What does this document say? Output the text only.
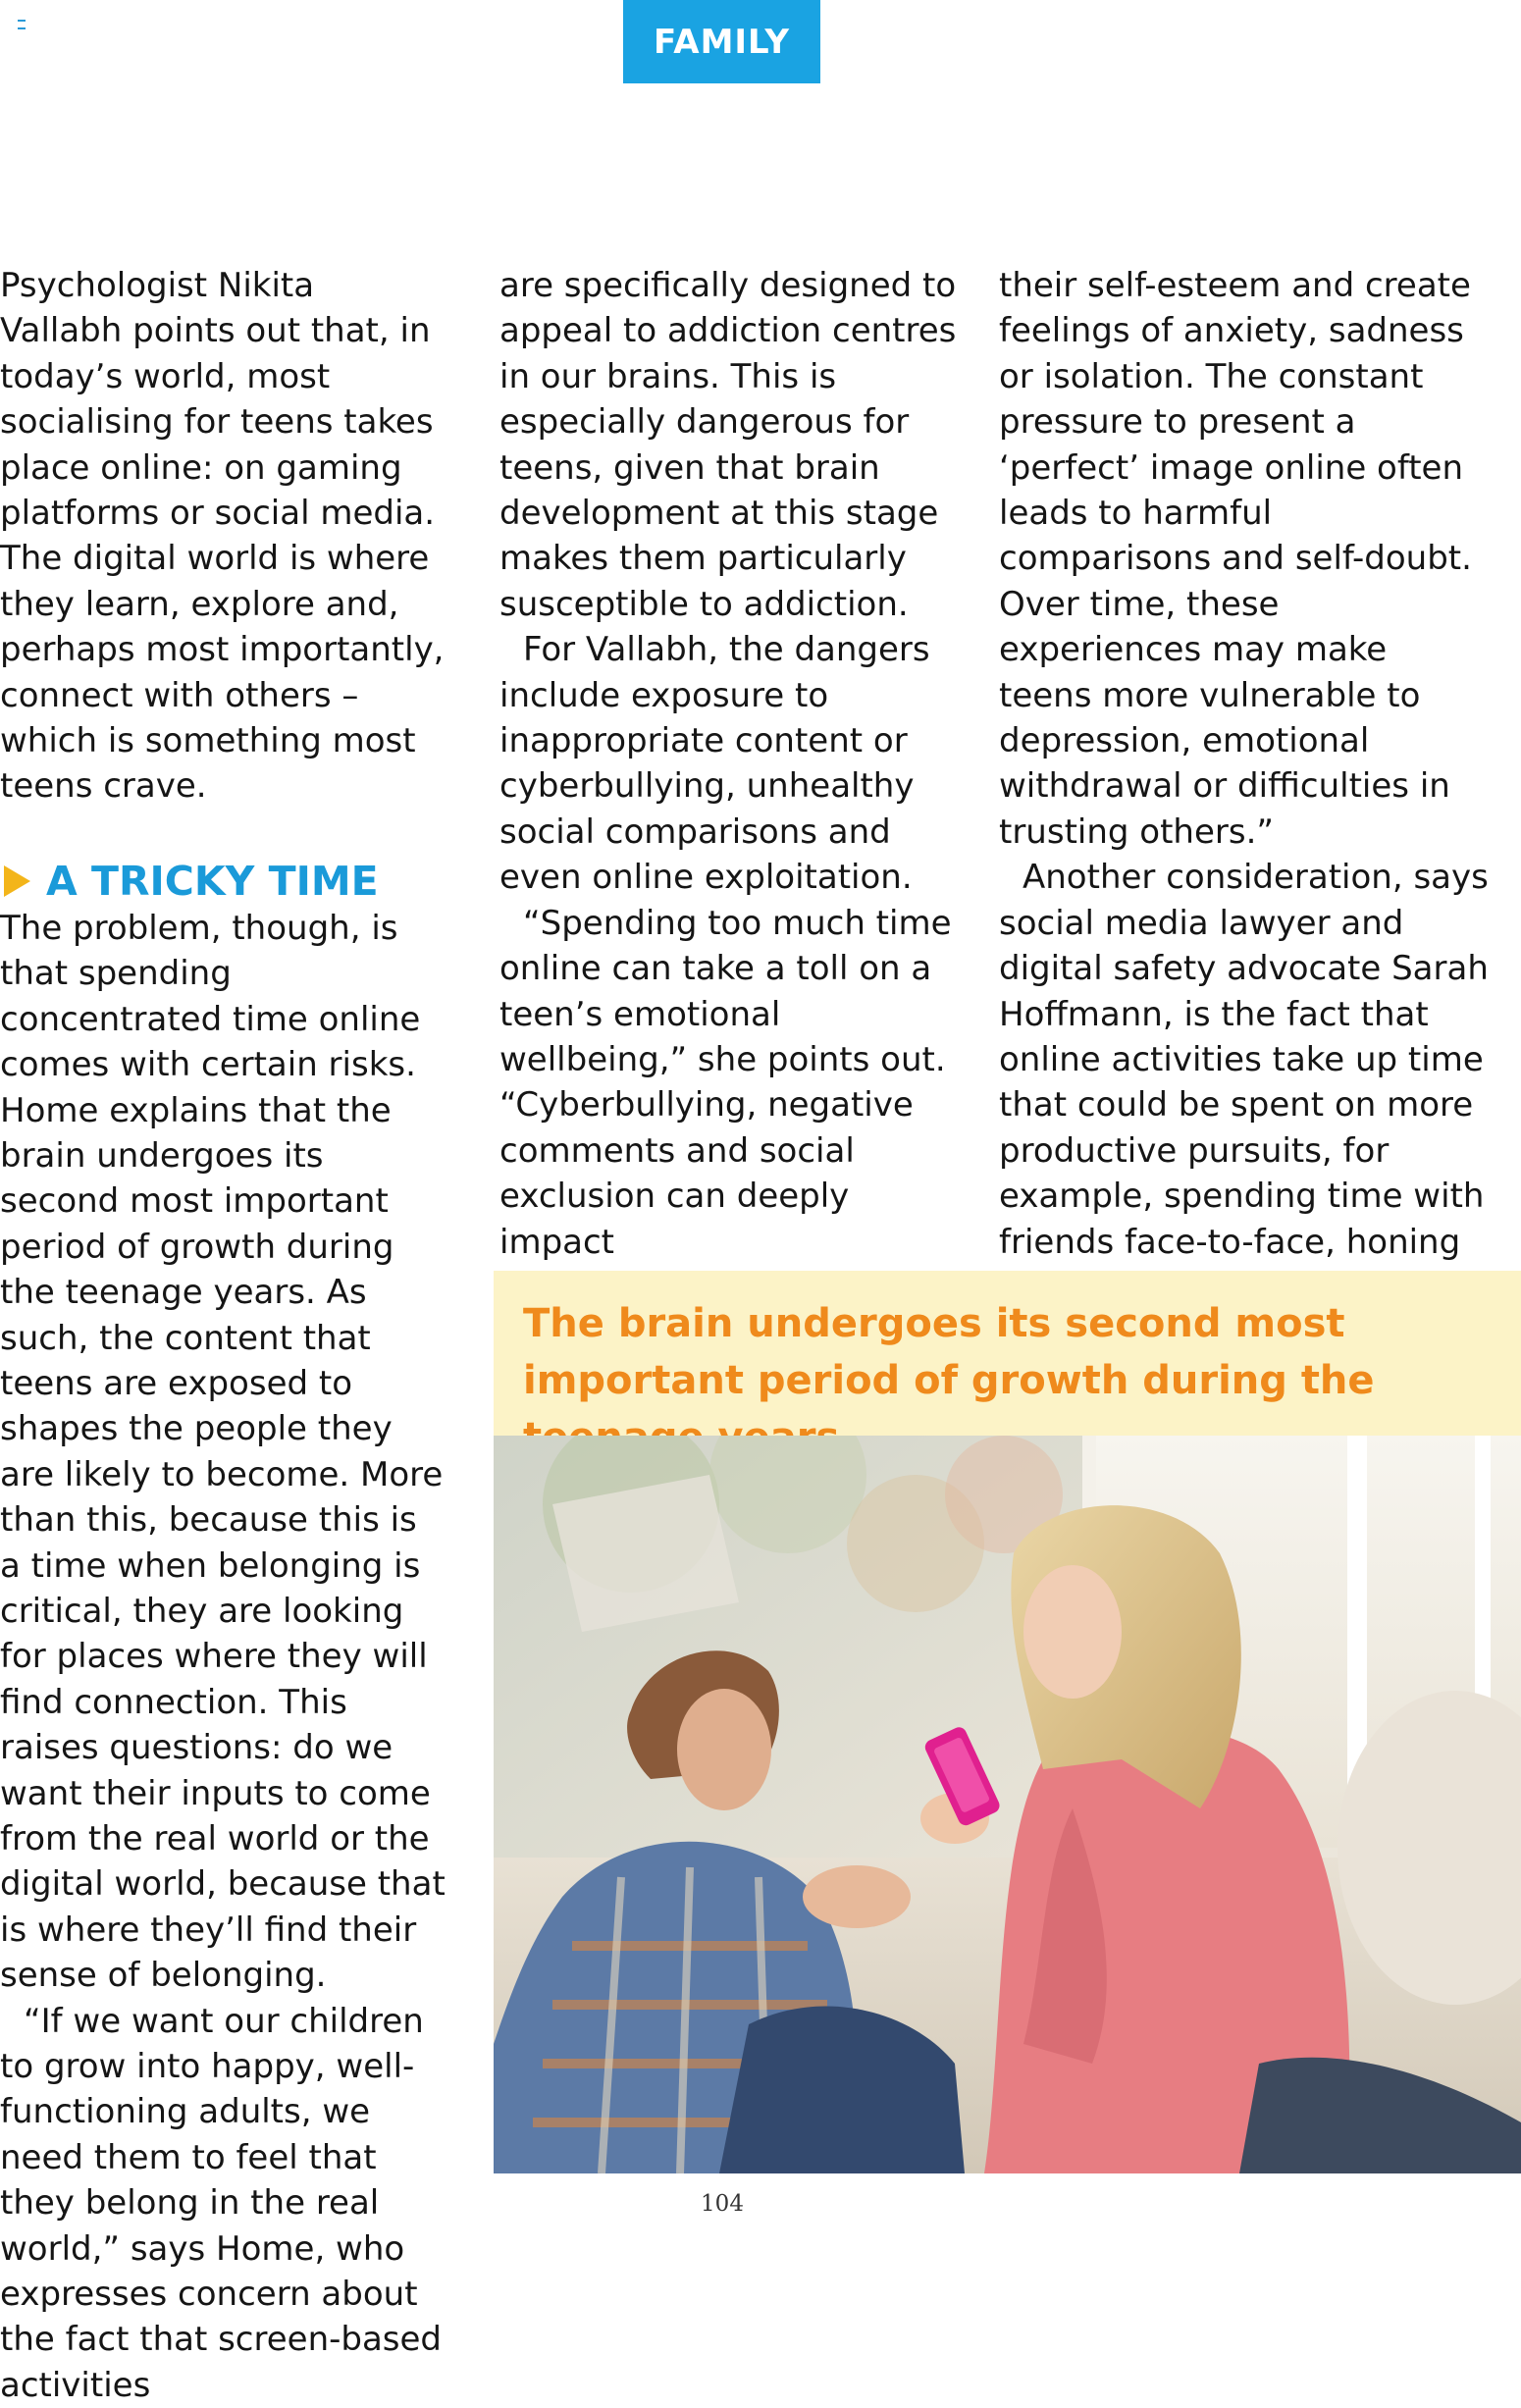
FAMILY

Psychologist Nikita Vallabh points out that, in today’s world, most socialising for teens takes place online: on gaming platforms or social media. The digital world is where they learn, explore and, perhaps most importantly, connect with others – which is something most teens crave.

A TRICKY TIME

The problem, though, is that spending concentrated time online comes with certain risks. Home explains that the brain undergoes its second most important period of growth during the teenage years. As such, the content that teens are exposed to shapes the people they are likely to become. More than this, because this is a time when belonging is critical, they are looking for places where they will find connection. This raises questions: do we want their inputs to come from the real world or the digital world, because that is where they’ll find their sense of belonging.

“If we want our children to grow into happy, well-functioning adults, we need them to feel that they belong in the real world,” says Home, who expresses concern about the fact that screen-based activities

are specifically designed to appeal to addiction centres in our brains. This is especially dangerous for teens, given that brain development at this stage makes them particularly susceptible to addiction.

For Vallabh, the dangers include exposure to inappropriate content or cyberbullying, unhealthy social comparisons and even online exploitation.

“Spending too much time online can take a toll on a teen’s emotional wellbeing,” she points out. “Cyberbullying, negative comments and social exclusion can deeply impact

their self-esteem and create feelings of anxiety, sadness or isolation. The constant pressure to present a ‘perfect’ image online often leads to harmful comparisons and self-doubt. Over time, these experiences may make teens more vulnerable to depression, emotional withdrawal or difficulties in trusting others.”

Another consideration, says social media lawyer and digital safety advocate Sarah Hoffmann, is the fact that online activities take up time that could be spent on more productive pursuits, for example, spending time with friends face-to-face, honing

The brain undergoes its second most important period of growth during the
104
